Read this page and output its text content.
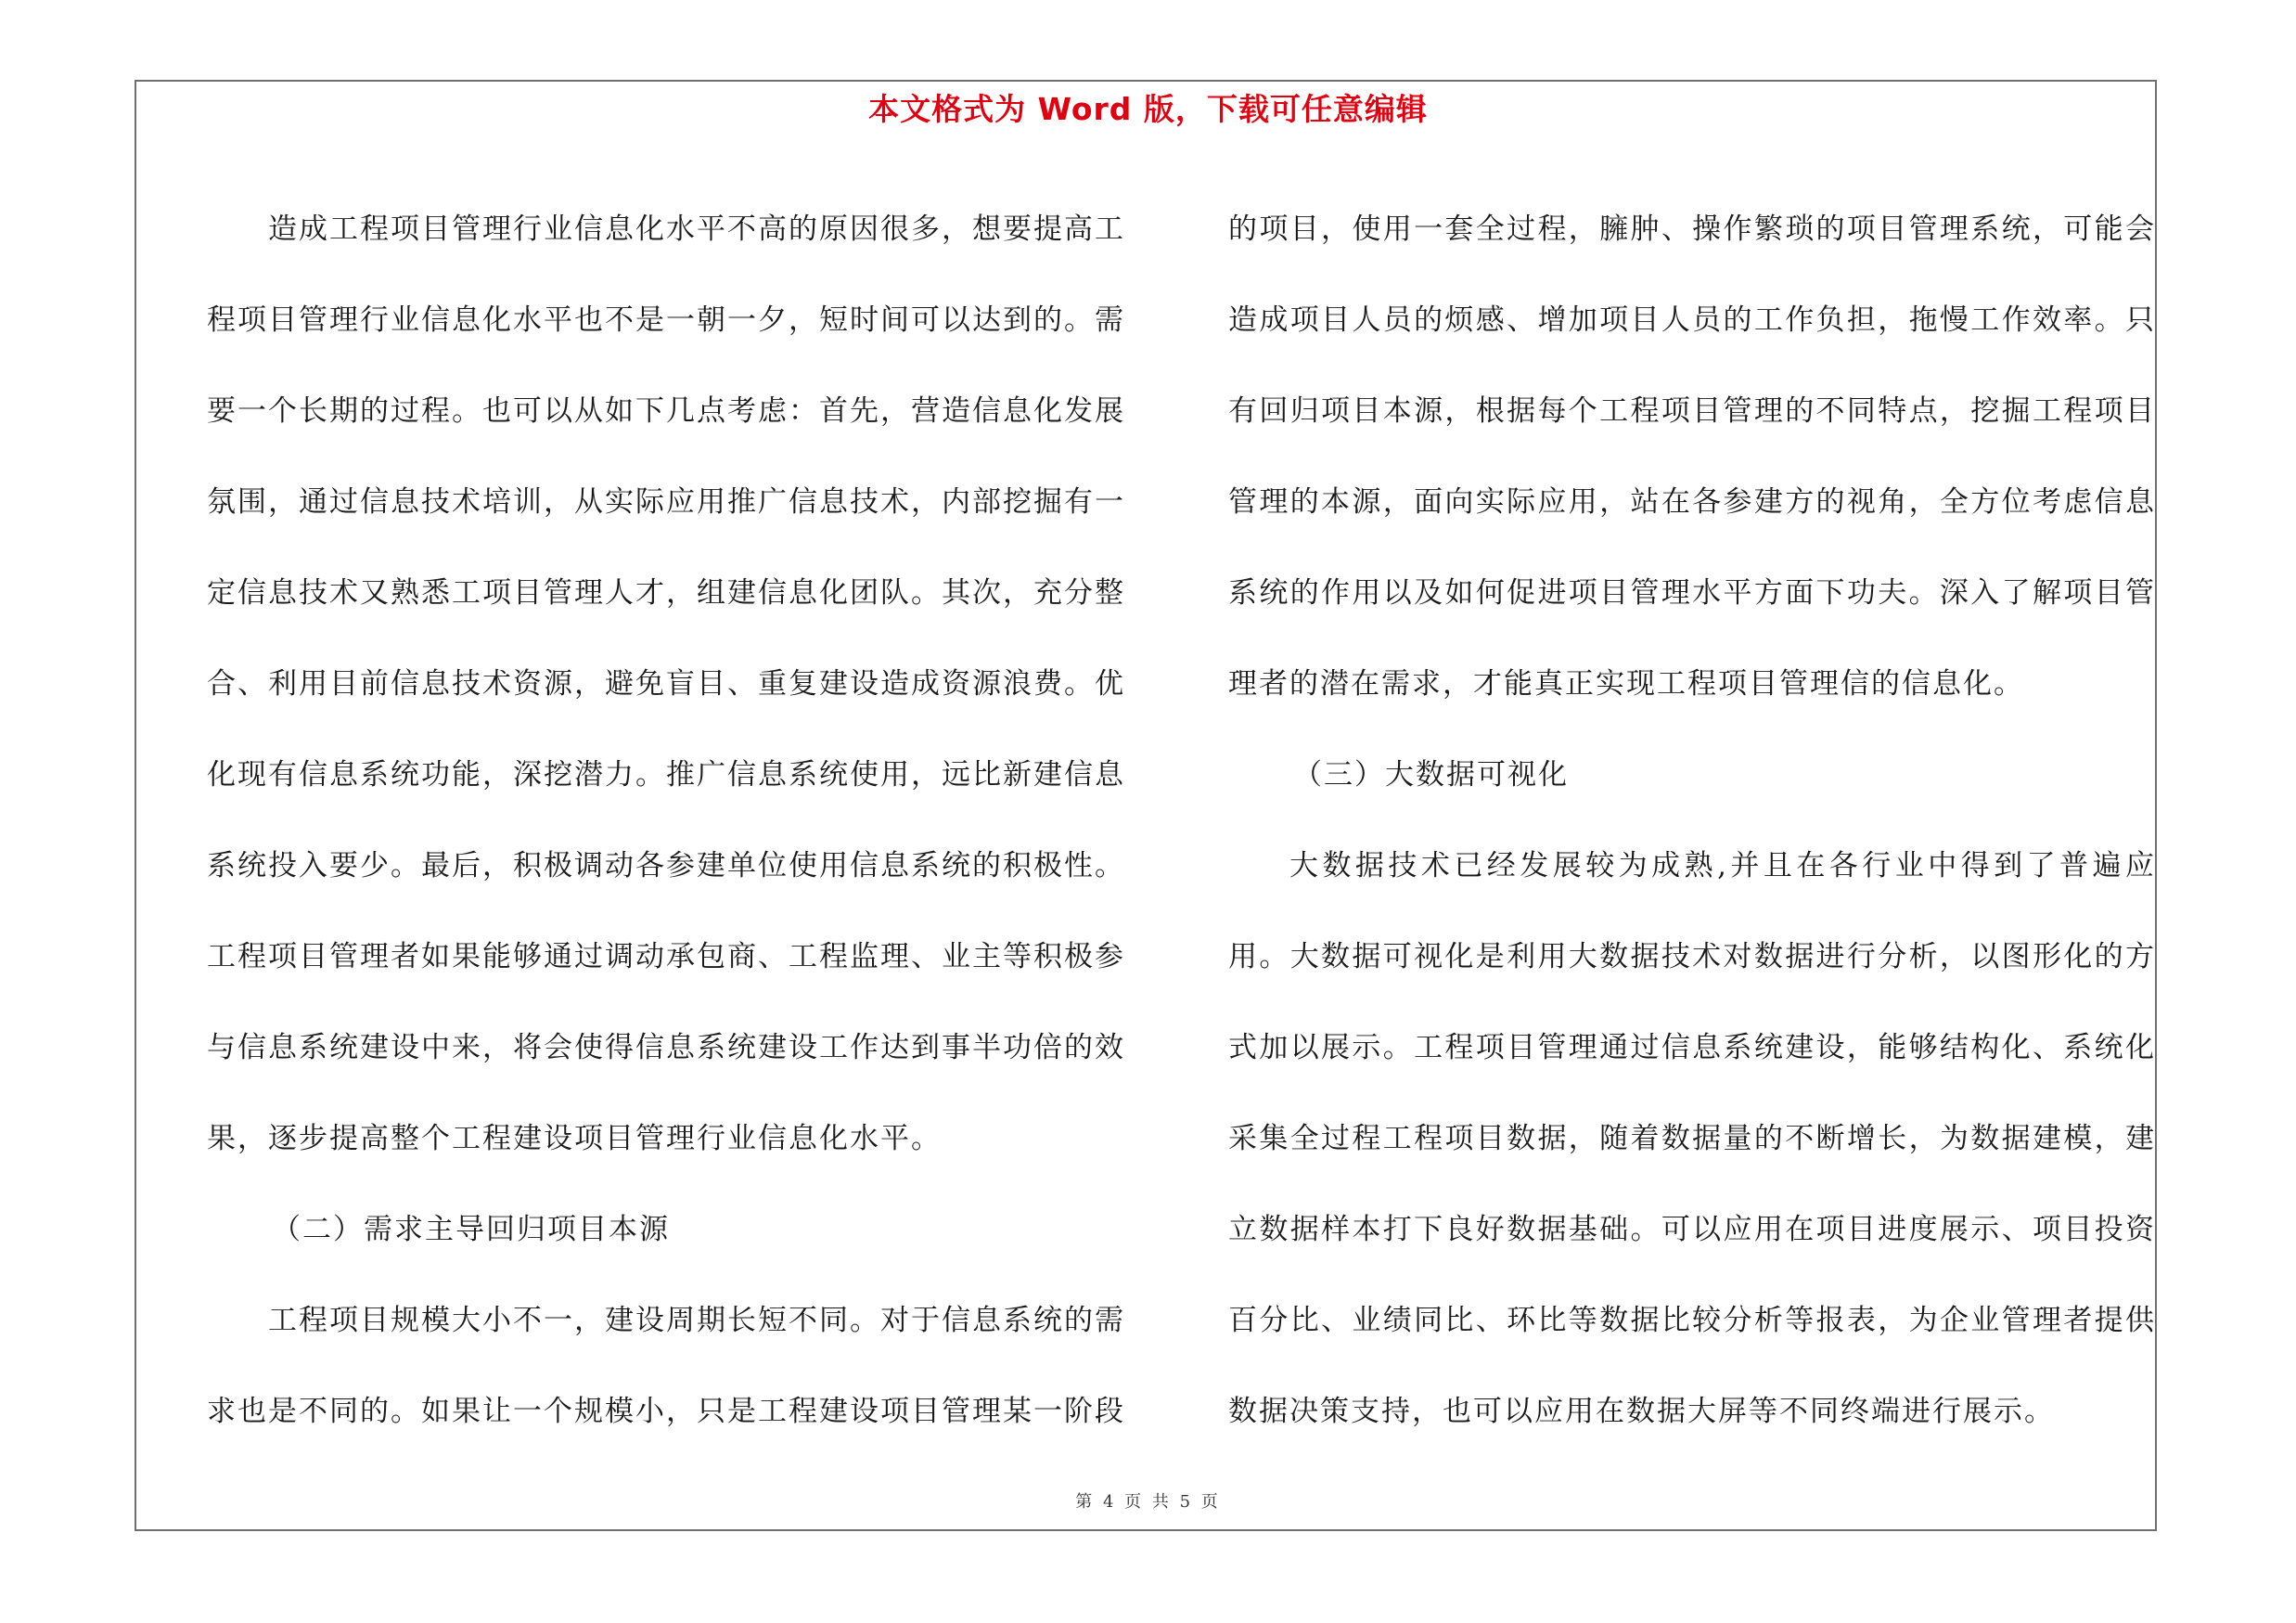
本文格式为 Word 版，下载可任意编辑

造成工程项目管理行业信息化水平不高的原因很多，想要提高工程项目管理行业信息化水平也不是一朝一夕，短时间可以达到的。需要一个长期的过程。也可以从如下几点考虑：首先，营造信息化发展氛围，通过信息技术培训，从实际应用推广信息技术，内部挖掘有一定信息技术又熟悉工项目管理人才，组建信息化团队。其次，充分整合、利用目前信息技术资源，避免盲目、重复建设造成资源浪费。优化现有信息系统功能，深挖潜力。推广信息系统使用，远比新建信息系统投入要少。最后，积极调动各参建单位使用信息系统的积极性。工程项目管理者如果能够通过调动承包商、工程监理、业主等积极参与信息系统建设中来，将会使得信息系统建设工作达到事半功倍的效果，逐步提高整个工程建设项目管理行业信息化水平。

（二）需求主导回归项目本源

工程项目规模大小不一，建设周期长短不同。对于信息系统的需求也是不同的。如果让一个规模小，只是工程建设项目管理某一阶段

的项目，使用一套全过程，臃肿、操作繁琐的项目管理系统，可能会造成项目人员的烦感、增加项目人员的工作负担，拖慢工作效率。只有回归项目本源，根据每个工程项目管理的不同特点，挖掘工程项目管理的本源，面向实际应用，站在各参建方的视角，全方位考虑信息系统的作用以及如何促进项目管理水平方面下功夫。深入了解项目管理者的潜在需求，才能真正实现工程项目管理信的信息化。

（三）大数据可视化

大数据技术已经发展较为成熟,并且在各行业中得到了普遍应用。大数据可视化是利用大数据技术对数据进行分析，以图形化的方式加以展示。工程项目管理通过信息系统建设，能够结构化、系统化采集全过程工程项目数据，随着数据量的不断增长，为数据建模，建立数据样本打下良好数据基础。可以应用在项目进度展示、项目投资百分比、业绩同比、环比等数据比较分析等报表，为企业管理者提供数据决策支持，也可以应用在数据大屏等不同终端进行展示。

第 4 页 共 5 页
